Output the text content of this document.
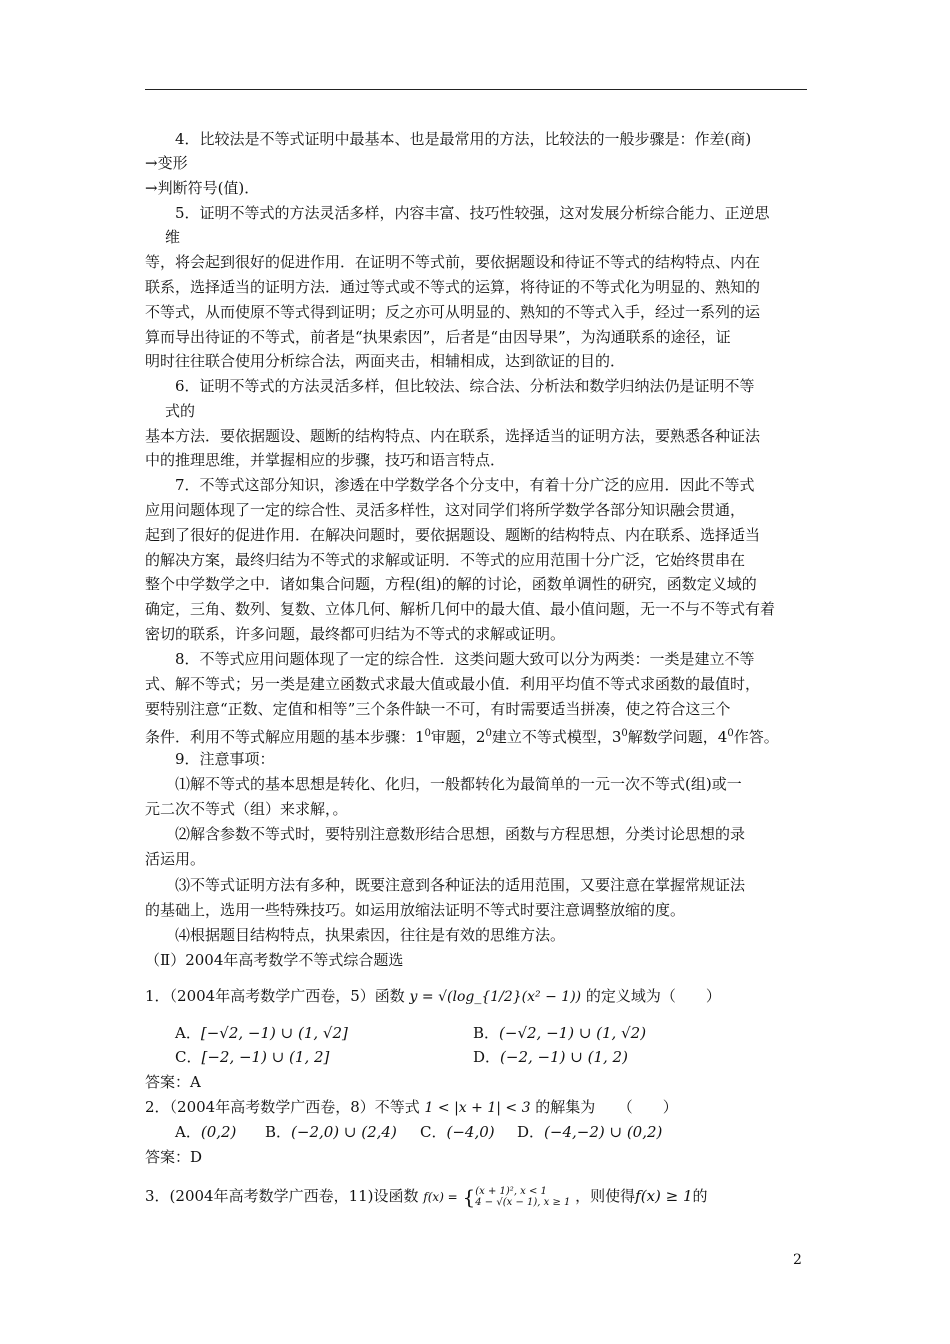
4．比较法是不等式证明中最基本、也是最常用的方法，比较法的一般步骤是：作差(商)
→变形
→判断符号(值)．
5．证明不等式的方法灵活多样，内容丰富、技巧性较强，这对发展分析综合能力、正逆思
维
等，将会起到很好的促进作用．在证明不等式前，要依据题设和待证不等式的结构特点、内在
联系，选择适当的证明方法．通过等式或不等式的运算，将待证的不等式化为明显的、熟知的
不等式，从而使原不等式得到证明；反之亦可从明显的、熟知的不等式入手，经过一系列的运
算而导出待证的不等式，前者是“执果索因”，后者是“由因导果”，为沟通联系的途径，证
明时往往联合使用分析综合法，两面夹击，相辅相成，达到欲证的目的．
6．证明不等式的方法灵活多样，但比较法、综合法、分析法和数学归纳法仍是证明不等
式的
基本方法．要依据题设、题断的结构特点、内在联系，选择适当的证明方法，要熟悉各种证法
中的推理思维，并掌握相应的步骤，技巧和语言特点．
7．不等式这部分知识，渗透在中学数学各个分支中，有着十分广泛的应用．因此不等式
应用问题体现了一定的综合性、灵活多样性，这对同学们将所学数学各部分知识融会贯通，
起到了很好的促进作用．在解决问题时，要依据题设、题断的结构特点、内在联系、选择适当
的解决方案，最终归结为不等式的求解或证明．不等式的应用范围十分广泛，它始终贯串在
整个中学数学之中．诸如集合问题，方程(组)的解的讨论，函数单调性的研究，函数定义域的
确定，三角、数列、复数、立体几何、解析几何中的最大值、最小值问题，无一不与不等式有着
密切的联系，许多问题，最终都可归结为不等式的求解或证明。
8．不等式应用问题体现了一定的综合性．这类问题大致可以分为两类：一类是建立不等
式、解不等式；另一类是建立函数式求最大值或最小值．利用平均值不等式求函数的最值时，
要特别注意“正数、定值和相等”三个条件缺一不可，有时需要适当拼凑，使之符合这三个
条件．利用不等式解应用题的基本步骤：$1^0$审题，$2^0$建立不等式模型，$3^0$解数学问题，$4^0$作答。
9．注意事项：
⑴解不等式的基本思想是转化、化归，一般都转化为最简单的一元一次不等式(组)或一
元二次不等式（组）来求解，。
⑵解含参数不等式时，要特别注意数形结合思想，函数与方程思想，分类讨论思想的录
活运用。
⑶不等式证明方法有多种，既要注意到各种证法的适用范围，又要注意在掌握常规证法
的基础上，选用一些特殊技巧。如运用放缩法证明不等式时要注意调整放缩的度。
⑷根据题目结构特点，执果索因，往往是有效的思维方法。
（Ⅱ）2004年高考数学不等式综合题选
1．（2004年高考数学广西卷，5）函数 y = √(log_{1/2}(x² − 1)) 的定义域为（　　）
A．[−√2, −1) ∪ (1, √2]	B．(−√2, −1) ∪ (1, √2)
C．[−2, −1) ∪ (1, 2]	D．(−2, −1) ∪ (1, 2)
答案：A
2．（2004年高考数学广西卷，8）不等式 1 < |x + 1| < 3 的解集为　　（　　）
A．(0,2) B．(−2,0) ∪ (2,4) C．(−4,0) D．(−4,−2) ∪ (0,2)
答案：D
3．(2004年高考数学广西卷，11)设函数 f(x) = {(x + 1)², x < 1
4 − √(x − 1), x ≥ 1 ，则使得f(x) ≥ 1的
2
